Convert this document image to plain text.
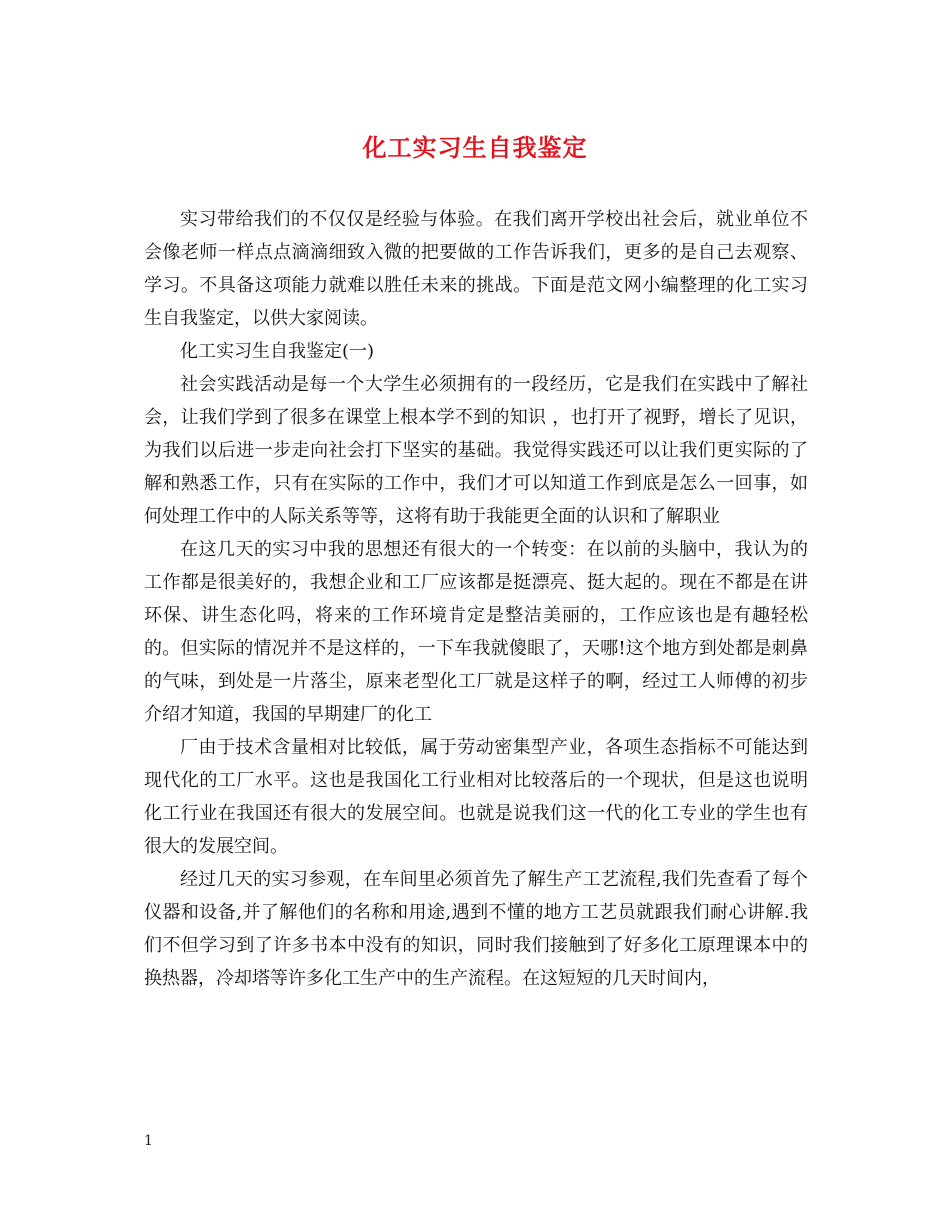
化工实习生自我鉴定

实习带给我们的不仅仅是经验与体验。在我们离开学校出社会后，就业单位不会像老师一样点点滴滴细致入微的把要做的工作告诉我们，更多的是自己去观察、学习。不具备这项能力就难以胜任未来的挑战。下面是范文网小编整理的化工实习生自我鉴定，以供大家阅读。

化工实习生自我鉴定(一)

社会实践活动是每一个大学生必须拥有的一段经历，它是我们在实践中了解社会，让我们学到了很多在课堂上根本学不到的知识 ，也打开了视野，增长了见识，为我们以后进一步走向社会打下坚实的基础。我觉得实践还可以让我们更实际的了解和熟悉工作，只有在实际的工作中，我们才可以知道工作到底是怎么一回事，如何处理工作中的人际关系等等，这将有助于我能更全面的认识和了解职业

在这几天的实习中我的思想还有很大的一个转变：在以前的头脑中，我认为的工作都是很美好的，我想企业和工厂应该都是挺漂亮、挺大起的。现在不都是在讲环保、讲生态化吗，将来的工作环境肯定是整洁美丽的，工作应该也是有趣轻松的。但实际的情况并不是这样的，一下车我就傻眼了，天哪!这个地方到处都是刺鼻的气味，到处是一片落尘，原来老型化工厂就是这样子的啊，经过工人师傅的初步介绍才知道，我国的早期建厂的化工

厂由于技术含量相对比较低，属于劳动密集型产业，各项生态指标不可能达到现代化的工厂水平。这也是我国化工行业相对比较落后的一个现状，但是这也说明化工行业在我国还有很大的发展空间。也就是说我们这一代的化工专业的学生也有很大的发展空间。

经过几天的实习参观，在车间里必须首先了解生产工艺流程,我们先查看了每个仪器和设备,并了解他们的名称和用途,遇到不懂的地方工艺员就跟我们耐心讲解.我们不但学习到了许多书本中没有的知识，同时我们接触到了好多化工原理课本中的换热器，冷却塔等许多化工生产中的生产流程。在这短短的几天时间内，

1
